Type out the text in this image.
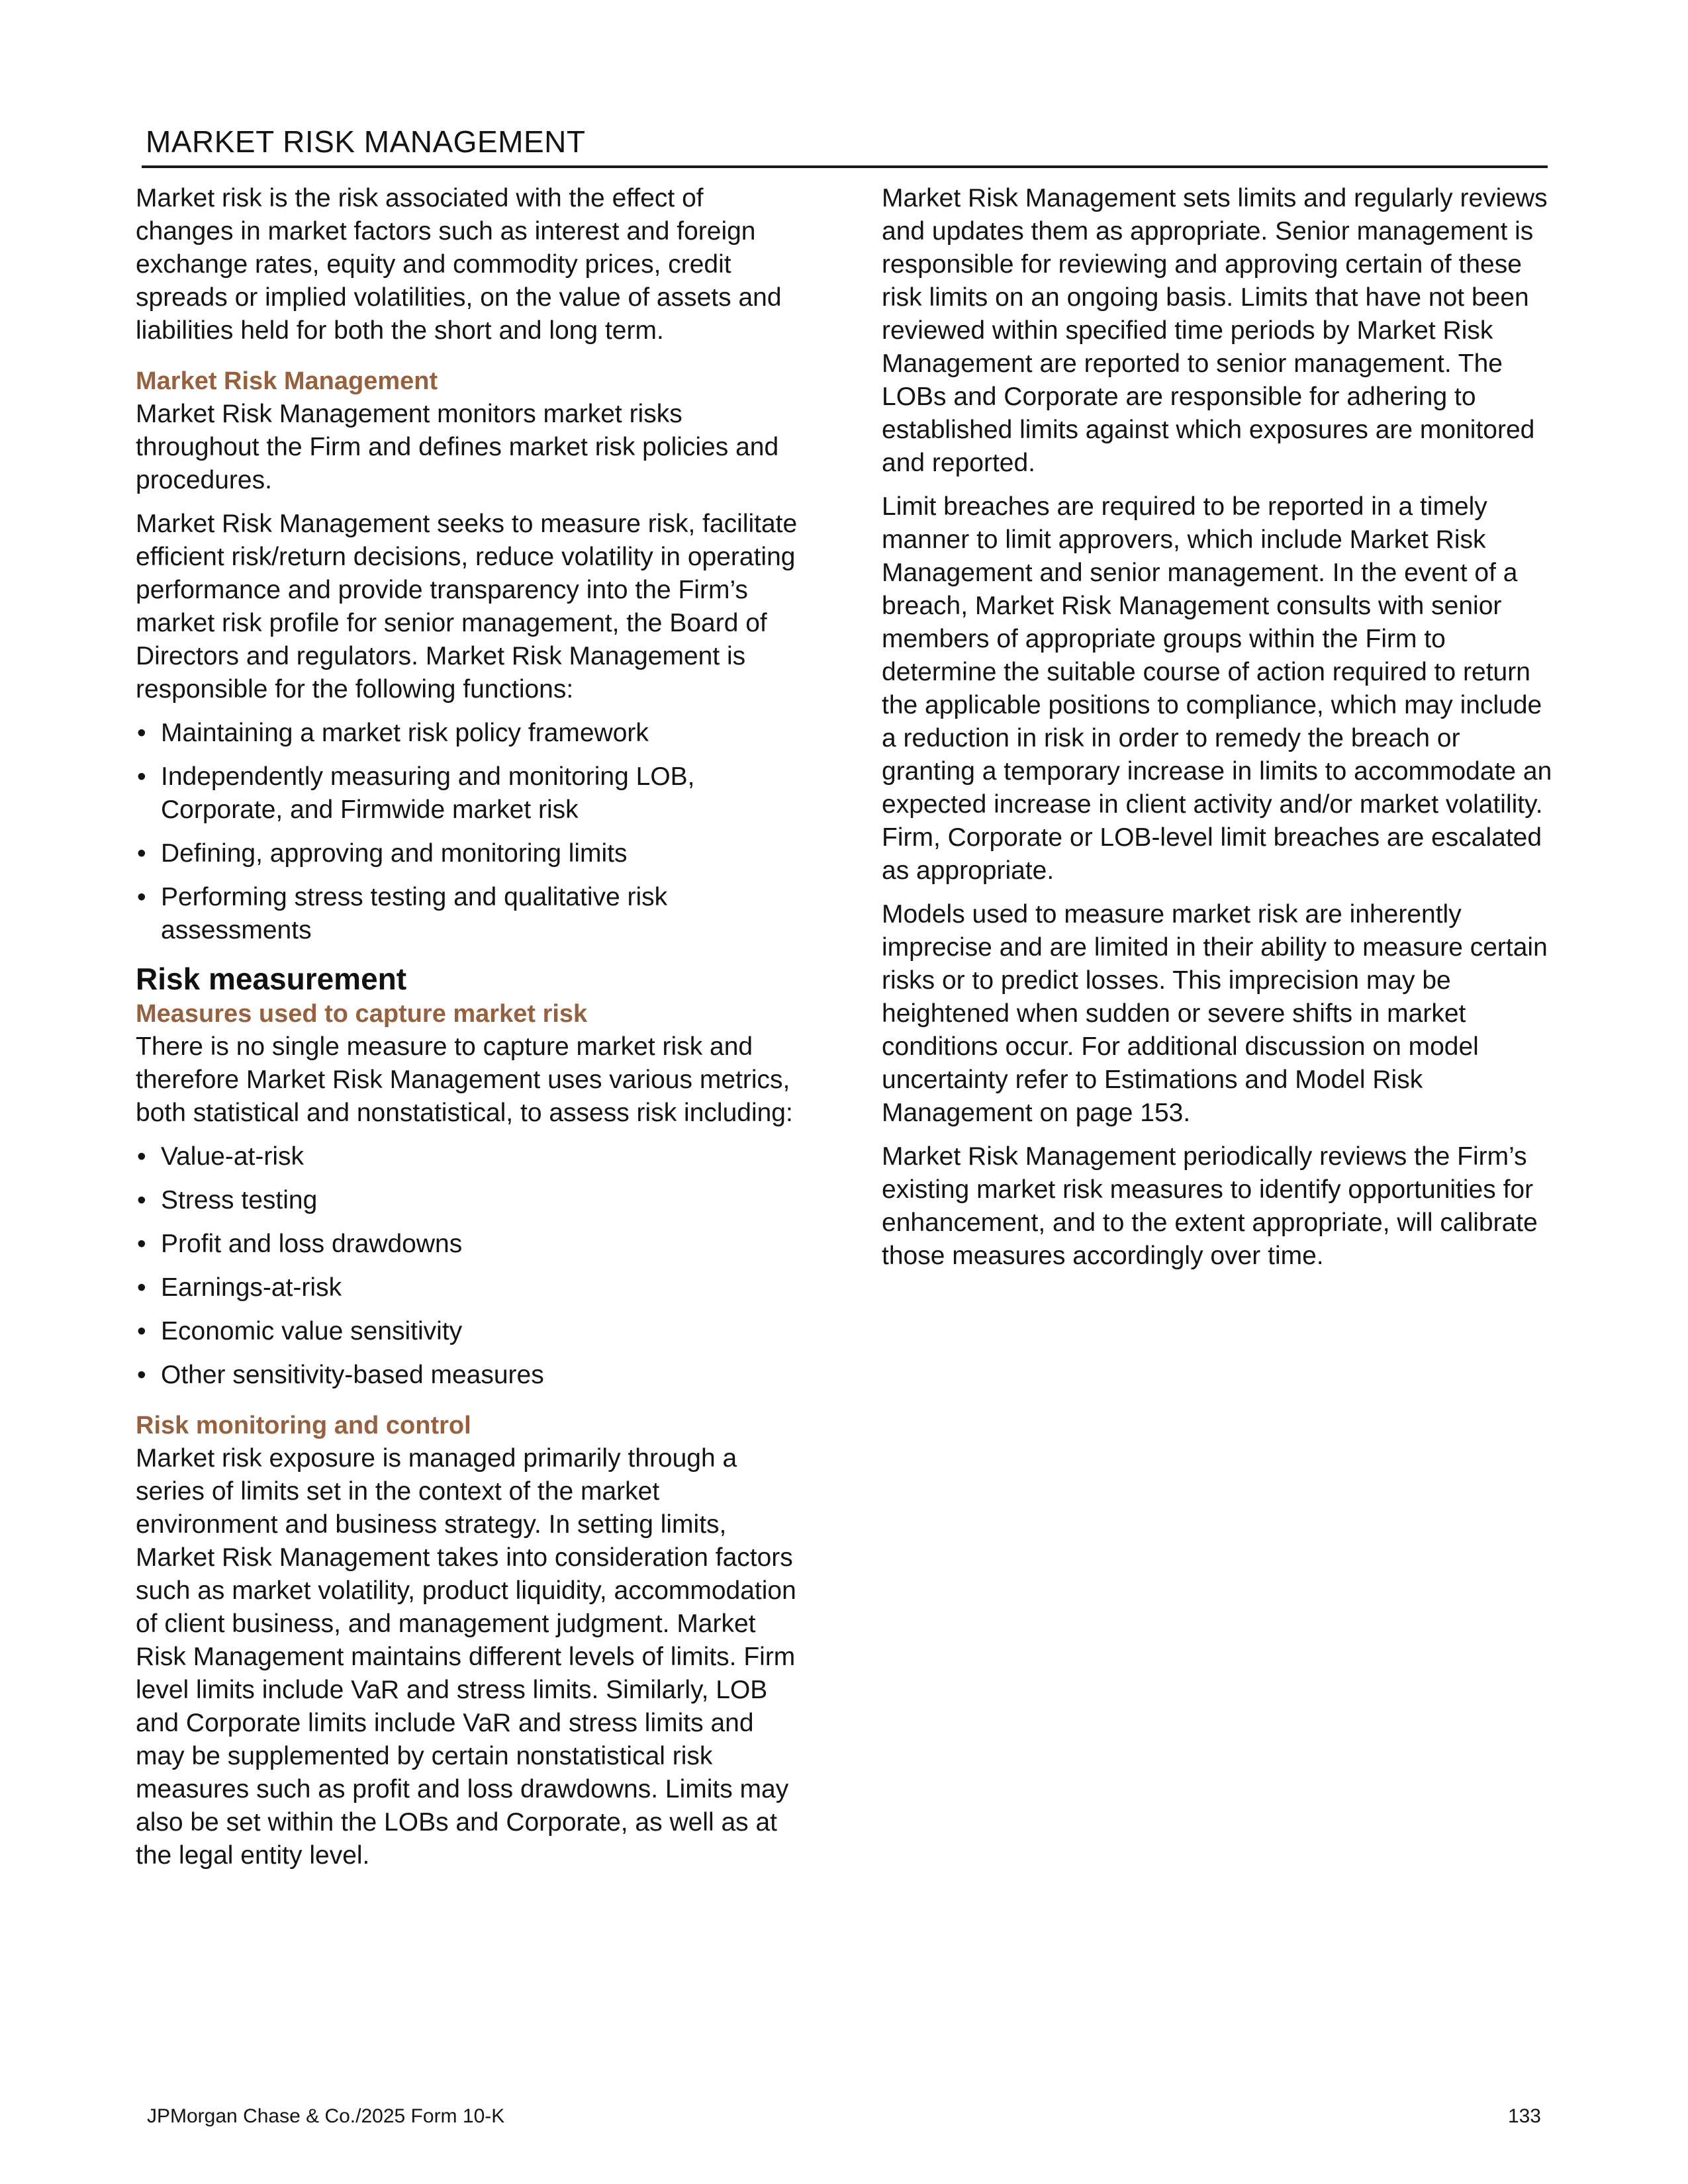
MARKET RISK MANAGEMENT

Market risk is the risk associated with the effect of changes in market factors such as interest and foreign exchange rates, equity and commodity prices, credit spreads or implied volatilities, on the value of assets and liabilities held for both the short and long term.

Market Risk Management

Market Risk Management monitors market risks throughout the Firm and defines market risk policies and procedures.

Market Risk Management seeks to measure risk, facilitate efficient risk/return decisions, reduce volatility in operating performance and provide transparency into the Firm’s market risk profile for senior management, the Board of Directors and regulators. Market Risk Management is responsible for the following functions:

• Maintaining a market risk policy framework
• Independently measuring and monitoring LOB, Corporate, and Firmwide market risk
• Defining, approving and monitoring limits
• Performing stress testing and qualitative risk assessments
Risk measurement
Measures used to capture market risk

There is no single measure to capture market risk and therefore Market Risk Management uses various metrics, both statistical and nonstatistical, to assess risk including:

• Value-at-risk
• Stress testing
• Profit and loss drawdowns
• Earnings-at-risk
• Economic value sensitivity
• Other sensitivity-based measures
Risk monitoring and control

Market risk exposure is managed primarily through a series of limits set in the context of the market environment and business strategy. In setting limits, Market Risk Management takes into consideration factors such as market volatility, product liquidity, accommodation of client business, and management judgment. Market Risk Management maintains different levels of limits. Firm level limits include VaR and stress limits. Similarly, LOB and Corporate limits include VaR and stress limits and may be supplemented by certain nonstatistical risk measures such as profit and loss drawdowns. Limits may also be set within the LOBs and Corporate, as well as at the legal entity level.

Market Risk Management sets limits and regularly reviews and updates them as appropriate. Senior management is responsible for reviewing and approving certain of these risk limits on an ongoing basis. Limits that have not been reviewed within specified time periods by Market Risk Management are reported to senior management. The LOBs and Corporate are responsible for adhering to established limits against which exposures are monitored and reported.

Limit breaches are required to be reported in a timely manner to limit approvers, which include Market Risk Management and senior management. In the event of a breach, Market Risk Management consults with senior members of appropriate groups within the Firm to determine the suitable course of action required to return the applicable positions to compliance, which may include a reduction in risk in order to remedy the breach or granting a temporary increase in limits to accommodate an expected increase in client activity and/or market volatility. Firm, Corporate or LOB-level limit breaches are escalated as appropriate.

Models used to measure market risk are inherently imprecise and are limited in their ability to measure certain risks or to predict losses. This imprecision may be heightened when sudden or severe shifts in market conditions occur. For additional discussion on model uncertainty refer to Estimations and Model Risk Management on page 153.

Market Risk Management periodically reviews the Firm’s existing market risk measures to identify opportunities for enhancement, and to the extent appropriate, will calibrate those measures accordingly over time.

JPMorgan Chase & Co./2025 Form 10-K	133
